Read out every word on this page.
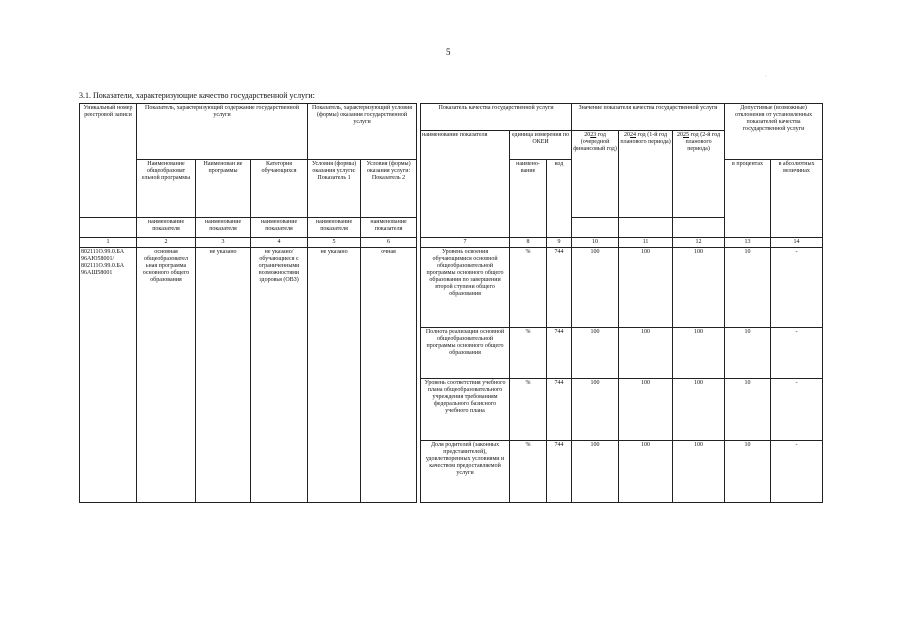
5
·
3.1. Показатели, характеризующие качество государственной услуги:
Уникальный номер реестровой записи	Показатель, характеризующий содержание государственной услуги			Показатель, характеризующий условия (формы) оказания государственной услуги			Показатель качества государственной услуги			Значение показателя качества государственной услуги			Допустимые (возможные) отклонения от установленных показателей качества государственной услуги	
							наименование показателя	единица измерения по ОКЕИ		2023 год (очередной финансовый год)	2024 год (1-й год планового периода)	2025 год (2-й год планового периода)		
	Наименование общеобразоват ельной программы	Наименован ие программы	Категория обучающихся	Условия (формы) оказания услуги: Показатель 1	Условия (формы) оказания услуги: Показатель 2			наимено-вание	код				в процентах	в абсолютных величинах
	наименование показателя	наименование показателя	наименование показателя	наименование показателя	наименование показателя									
1	2	3	4	5	6		7	8	9	10	11	12	13	14
802111О.99.0.БА 96АЮ58001/ 802111О.99.0.БА 96АШ58001	основная общеобразовател ьная программа основного общего образования	не указано	не указано/ обучающиеся с ограниченными возможностями здоровья (ОВЗ)	не указано	очная		Уровень освоения обучающимися основной общеобразовательной программы основного общего образования по завершении второй ступени общего образования	%	744	100	100	100	10	-
							Полнота реализации основной общеобразовательной программы основного общего образования	%	744	100	100	100	10	-
							Уровень соответствия учебного плана общеобразовательного учреждения требованиям федерального базисного учебного плана	%	744	100	100	100	10	-
							Доля родителей (законных представителей), удовлетворенных условиями и качеством предоставляемой услуги	%	744	100	100	100	10	-
